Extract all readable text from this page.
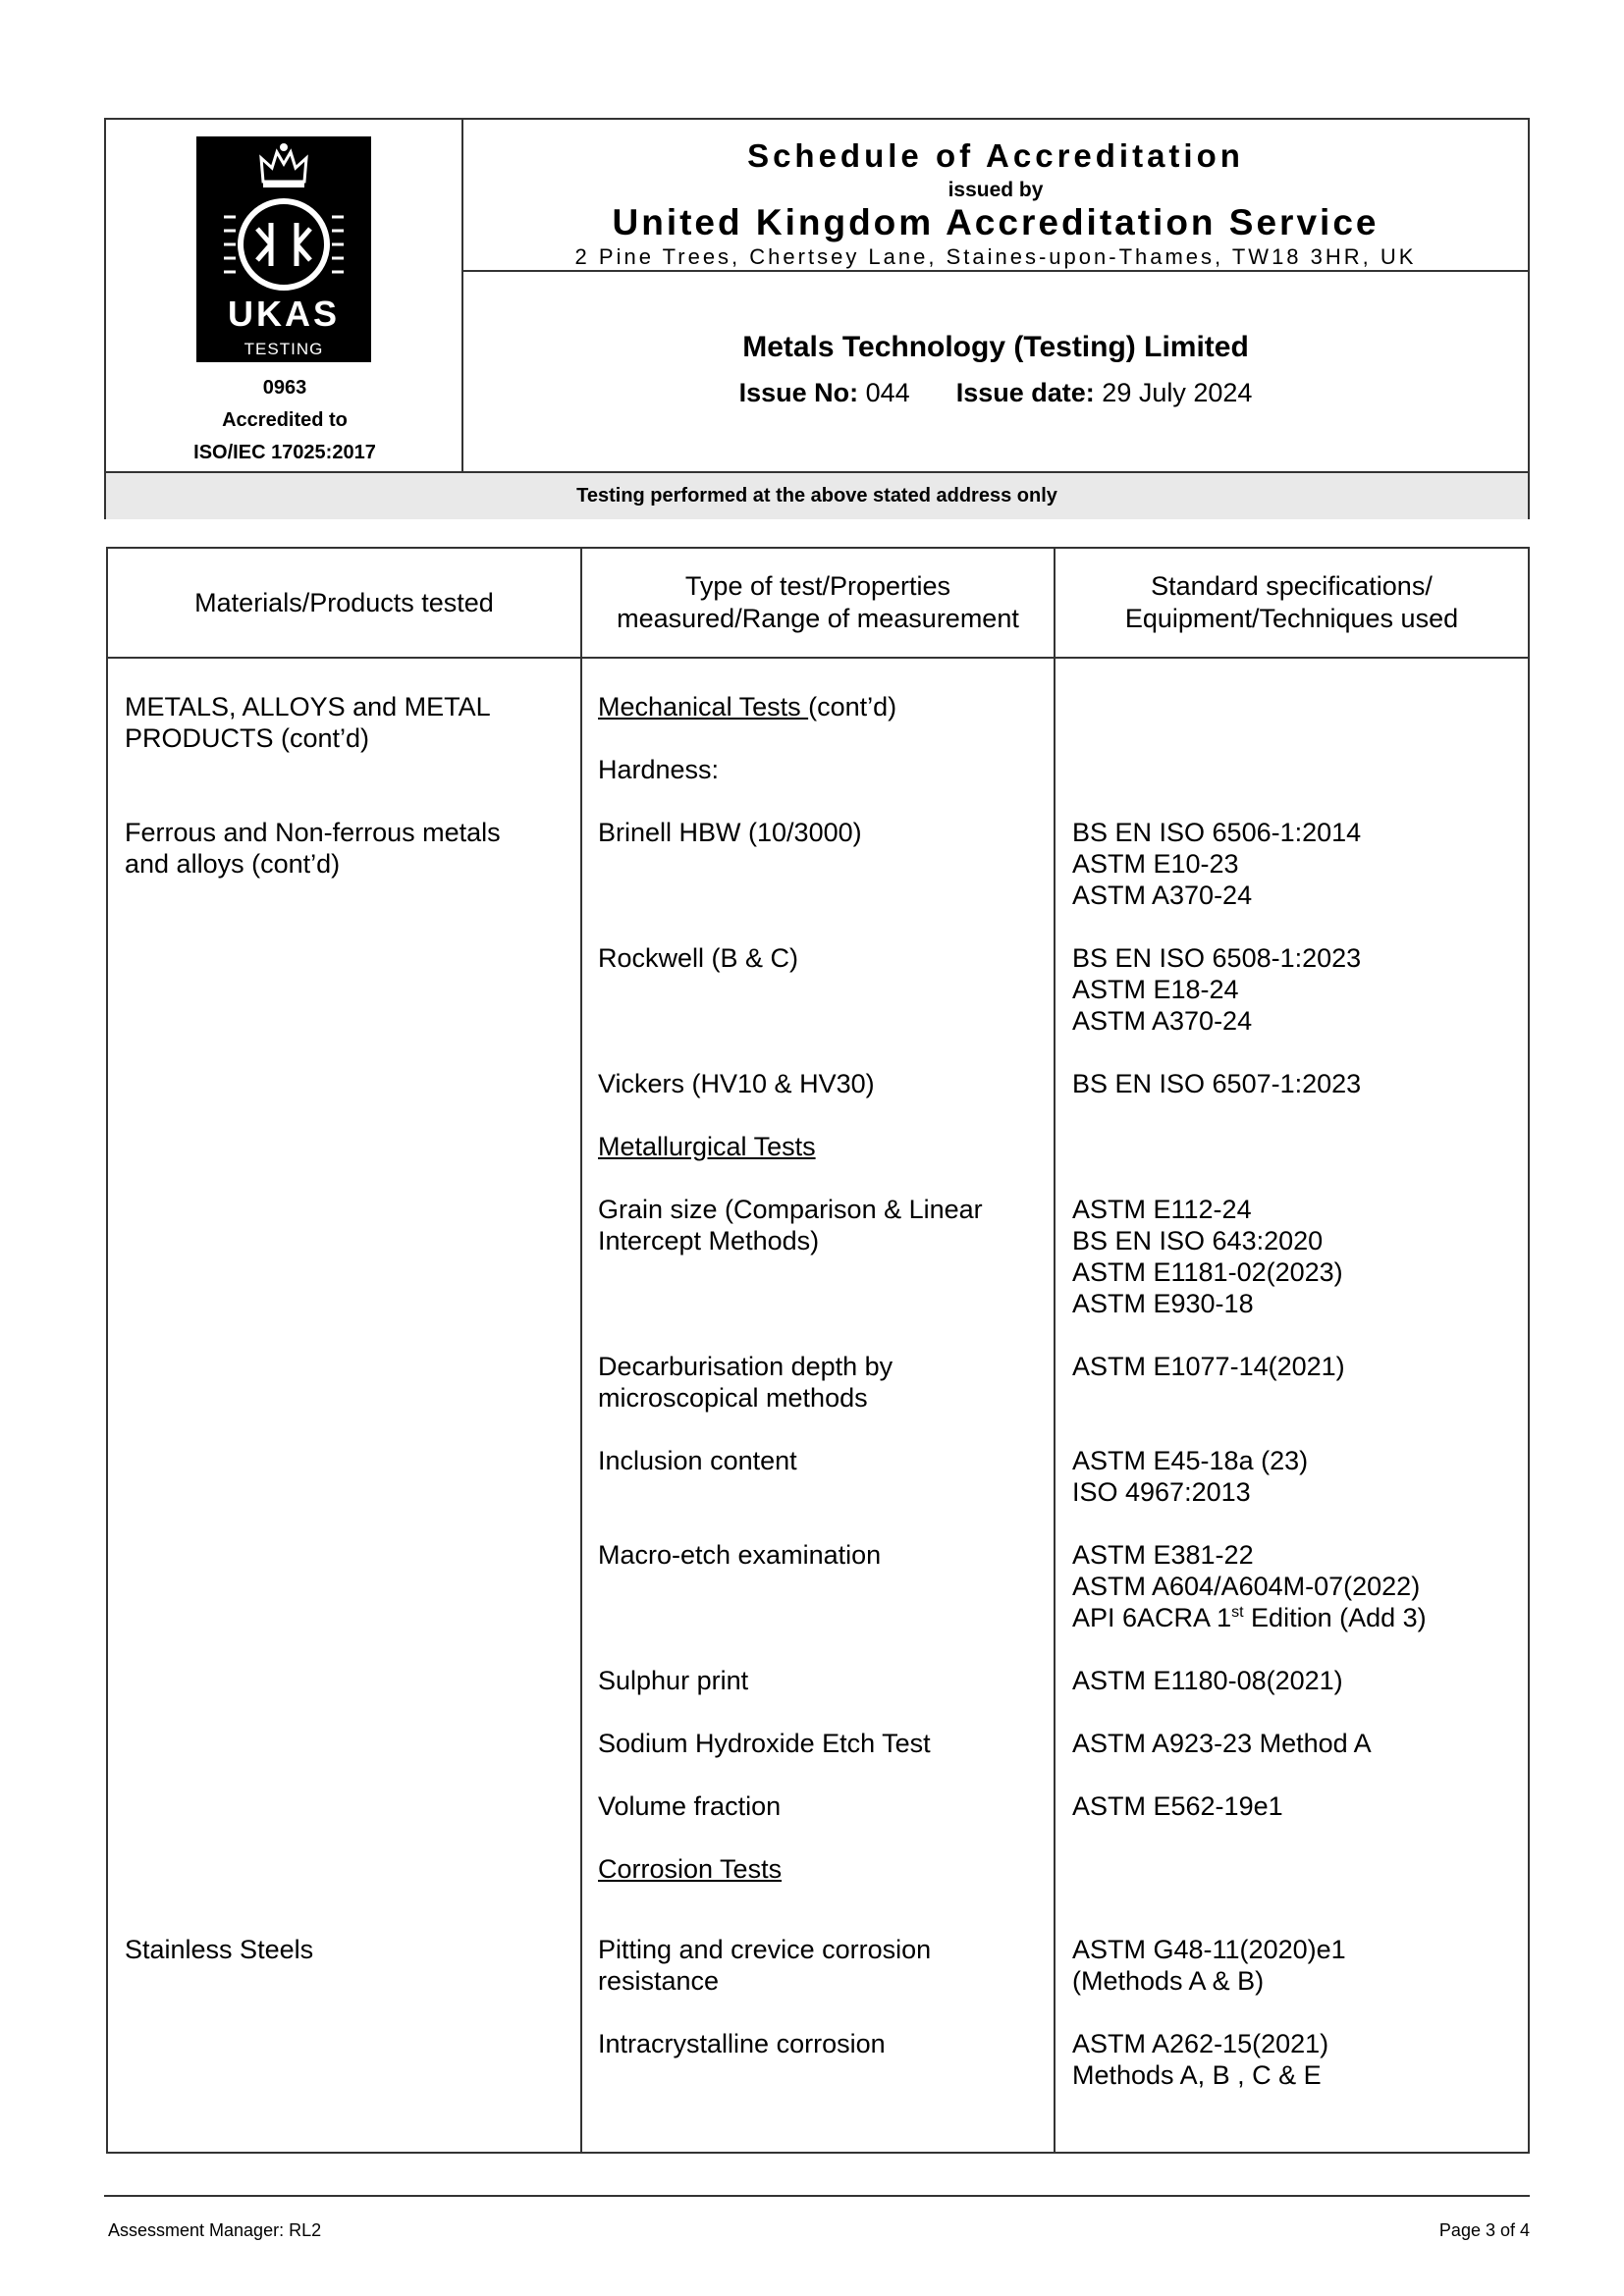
UKAS
TESTING
0963
Accredited to
ISO/IEC 17025:2017
Schedule of Accreditation
issued by
United Kingdom Accreditation Service
2 Pine Trees, Chertsey Lane, Staines-upon-Thames, TW18 3HR, UK
Metals Technology (Testing) Limited
Issue No: 044 Issue date: 29 July 2024
Testing performed at the above stated address only
Materials/Products tested
Type of test/Properties
measured/Range of measurement
Standard specifications/
Equipment/Techniques used
METALS, ALLOYS and METAL
PRODUCTS (cont’d)
Ferrous and Non-ferrous metals
and alloys (cont’d)
Stainless Steels
Mechanical Tests (cont’d)
Hardness:
Brinell HBW (10/3000)
Rockwell (B & C)
Vickers (HV10 & HV30)
Metallurgical Tests
Grain size (Comparison & Linear
Intercept Methods)
Decarburisation depth by
microscopical methods
Inclusion content
Macro-etch examination
Sulphur print
Sodium Hydroxide Etch Test
Volume fraction
Corrosion Tests
Pitting and crevice corrosion
resistance
Intracrystalline corrosion
BS EN ISO 6506-1:2014
ASTM E10-23
ASTM A370-24
BS EN ISO 6508-1:2023
ASTM E18-24
ASTM A370-24
BS EN ISO 6507-1:2023
ASTM E112-24
BS EN ISO 643:2020
ASTM E1181-02(2023)
ASTM E930-18
ASTM E1077-14(2021)
ASTM E45-18a (23)
ISO 4967:2013
ASTM E381-22
ASTM A604/A604M-07(2022)
API 6ACRA 1st Edition (Add 3)
ASTM E1180-08(2021)
ASTM A923-23 Method A
ASTM E562-19e1
ASTM G48-11(2020)e1
(Methods A & B)
ASTM A262-15(2021)
Methods A, B , C & E
Assessment Manager: RL2	Page 3 of 4
